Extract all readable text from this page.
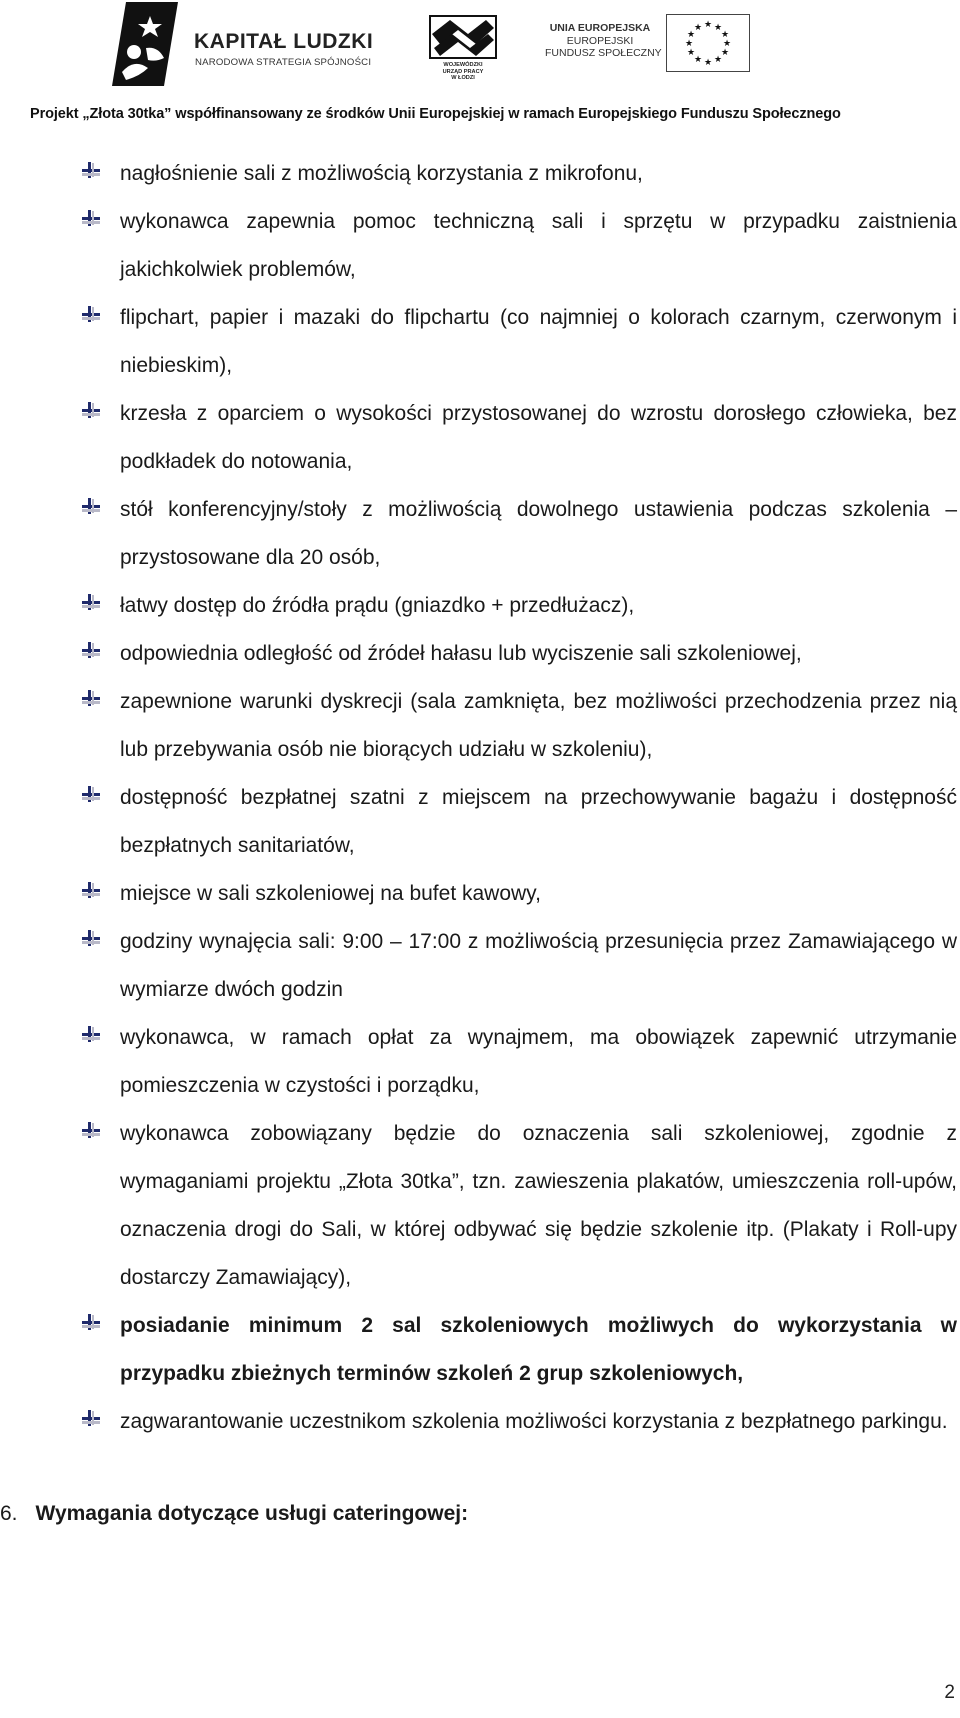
KAPITAŁ LUDZKI
NARODOWA STRATEGIA SPÓJNOŚCI	WOJEWÓDZKI
URZĄD PRACY
W ŁODZI
UNIA EUROPEJSKA
EUROPEJSKI
FUNDUSZ SPOŁECZNY
★ ★
★
★
★
★
★
★
★
★
★
★
Projekt „Złota 30tka” współfinansowany ze środków Unii Europejskiej w ramach Europejskiego Funduszu Społecznego
nagłośnienie sali z możliwością korzystania z mikrofonu,
wykonawca zapewnia pomoc techniczną sali i sprzętu w przypadku zaistnienia jakichkolwiek problemów,
flipchart, papier i mazaki do flipchartu (co najmniej o kolorach czarnym, czerwonym i niebieskim),
krzesła z oparciem o wysokości przystosowanej do wzrostu dorosłego człowieka, bez podkładek do notowania,
stół konferencyjny/stoły z możliwością dowolnego ustawienia podczas szkolenia – przystosowane dla 20 osób,
łatwy dostęp do źródła prądu (gniazdko + przedłużacz),
odpowiednia odległość od źródeł hałasu lub wyciszenie sali szkoleniowej,
zapewnione warunki dyskrecji (sala zamknięta, bez możliwości przechodzenia przez nią lub przebywania osób nie biorących udziału w szkoleniu),
dostępność bezpłatnej szatni z miejscem na przechowywanie bagażu i dostępność bezpłatnych sanitariatów,
miejsce w sali szkoleniowej na bufet kawowy,
godziny wynajęcia sali: 9:00 – 17:00 z możliwością przesunięcia przez Zamawiającego w wymiarze dwóch godzin
wykonawca, w ramach opłat za wynajmem, ma obowiązek zapewnić utrzymanie pomieszczenia w czystości i porządku,
wykonawca zobowiązany będzie do oznaczenia sali szkoleniowej, zgodnie z wymaganiami projektu „Złota 30tka”, tzn. zawieszenia plakatów, umieszczenia roll-upów, oznaczenia drogi do Sali, w której odbywać się będzie szkolenie itp. (Plakaty i Roll-upy dostarczy Zamawiający),
posiadanie minimum 2 sal szkoleniowych możliwych do wykorzystania w przypadku zbieżnych terminów szkoleń 2 grup szkoleniowych,
zagwarantowanie uczestnikom szkolenia możliwości korzystania z bezpłatnego parkingu.
6. Wymagania dotyczące usługi cateringowej:
2
